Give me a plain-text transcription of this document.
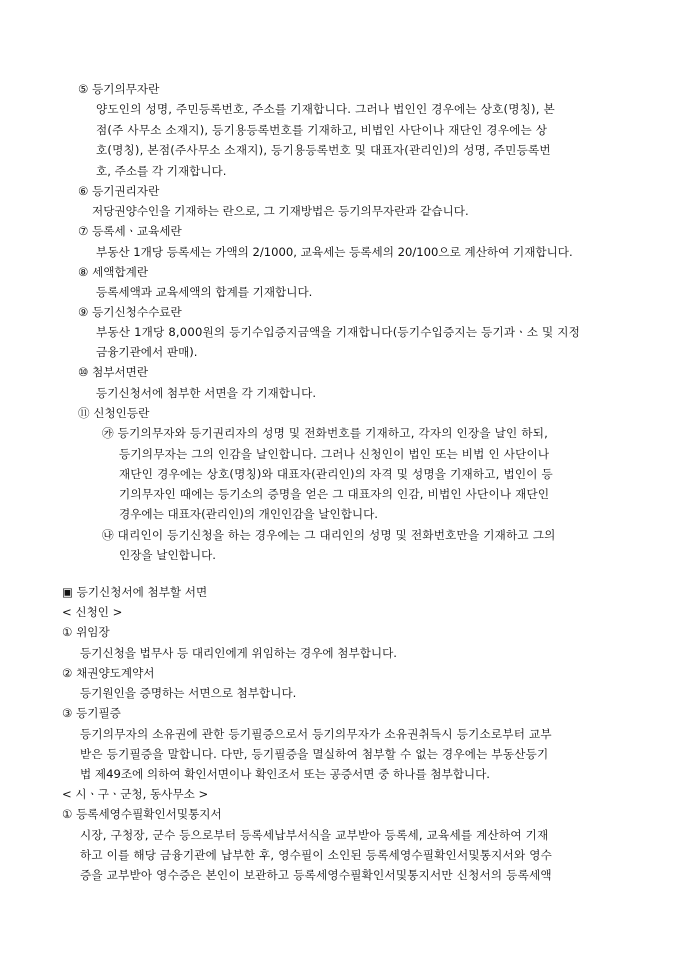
⑤ 등기의무자란
양도인의 성명, 주민등록번호, 주소를 기재합니다. 그러나 법인인 경우에는 상호(명칭), 본
점(주 사무소 소재지), 등기용등록번호를 기재하고, 비법인 사단이나 재단인 경우에는 상
호(명칭), 본점(주사무소 소재지), 등기용등록번호 및 대표자(관리인)의 성명, 주민등록번
호, 주소를 각 기재합니다.
⑥ 등기권리자란
저당권양수인을 기재하는 란으로, 그 기재방법은 등기의무자란과 같습니다.
⑦ 등록세ㆍ교육세란
부동산 1개당 등록세는 가액의 2/1000, 교육세는 등록세의 20/100으로 계산하여 기재합니다.
⑧ 세액합계란
등록세액과 교육세액의 합계를 기재합니다.
⑨ 등기신청수수료란
부동산 1개당 8,000원의 등기수입증지금액을 기재합니다(등기수입증지는 등기과ㆍ소 및 지정
금융기관에서 판매).
⑩ 첨부서면란
등기신청서에 첨부한 서면을 각 기재합니다.
⑪ 신청인등란
㉮ 등기의무자와 등기권리자의 성명 및 전화번호를 기재하고, 각자의 인장을 날인 하되,
등기의무자는 그의 인감을 날인합니다. 그러나 신청인이 법인 또는 비법 인 사단이나
재단인 경우에는 상호(명칭)와 대표자(관리인)의 자격 및 성명을 기재하고, 법인이 등
기의무자인 때에는 등기소의 증명을 얻은 그 대표자의 인감, 비법인 사단이나 재단인
경우에는 대표자(관리인)의 개인인감을 날인합니다.
㉯ 대리인이 등기신청을 하는 경우에는 그 대리인의 성명 및 전화번호만을 기재하고 그의
인장을 날인합니다.
▣ 등기신청서에 첨부할 서면
< 신청인 >
① 위임장
등기신청을 법무사 등 대리인에게 위임하는 경우에 첨부합니다.
② 채권양도계약서
등기원인을 증명하는 서면으로 첨부합니다.
③ 등기필증
등기의무자의 소유권에 관한 등기필증으로서 등기의무자가 소유권취득시 등기소로부터 교부
받은 등기필증을 말합니다. 다만, 등기필증을 멸실하여 첨부할 수 없는 경우에는 부동산등기
법 제49조에 의하여 확인서면이나 확인조서 또는 공증서면 중 하나를 첨부합니다.
< 시ㆍ구ㆍ군청, 동사무소 >
① 등록세영수필확인서및통지서
시장, 구청장, 군수 등으로부터 등록세납부서식을 교부받아 등록세, 교육세를 계산하여 기재
하고 이를 해당 금융기관에 납부한 후, 영수필이 소인된 등록세영수필확인서및통지서와 영수
증을 교부받아 영수증은 본인이 보관하고 등록세영수필확인서및통지서만 신청서의 등록세액
